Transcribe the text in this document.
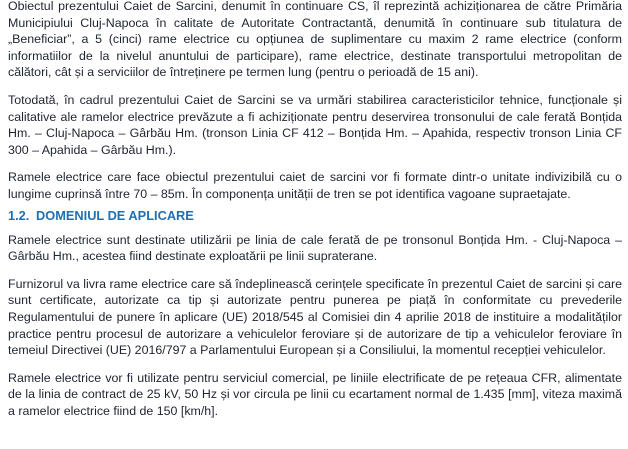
Obiectul prezentului Caiet de Sarcini, denumit în continuare CS, îl reprezintă achiziționarea de către Primăria Municipiului Cluj-Napoca în calitate de Autoritate Contractantă, denumită în continuare sub titulatura de „Beneficiar”, a 5 (cinci) rame electrice cu opțiunea de suplimentare cu maxim 2 rame electrice (conform informatiilor de la nivelul anuntului de participare), rame electrice, destinate transportului metropolitan de călători, cât și a serviciilor de întreținere pe termen lung (pentru o perioadă de 15 ani).

Totodată, în cadrul prezentului Caiet de Sarcini se va urmări stabilirea caracteristicilor tehnice, funcționale și calitative ale ramelor electrice prevăzute a fi achiziționate pentru deservirea tronsonului de cale ferată Bonțida Hm. – Cluj-Napoca – Gârbău Hm. (tronson Linia CF 412 – Bonțida Hm. – Apahida, respectiv tronson Linia CF 300 – Apahida – Gârbău Hm.).

Ramele electrice care face obiectul prezentului caiet de sarcini vor fi formate dintr-o unitate indivizibilă cu o lungime cuprinsă între 70 – 85m. În componența unității de tren se pot identifica vagoane supraetajate.

1.2. DOMENIUL DE APLICARE

Ramele electrice sunt destinate utilizării pe linia de cale ferată de pe tronsonul Bonțida Hm. - Cluj-Napoca – Gârbău Hm., acestea fiind destinate exploatării pe linii supraterane.

Furnizorul va livra rame electrice care să îndeplinească cerințele specificate în prezentul Caiet de sarcini și care sunt certificate, autorizate ca tip și autorizate pentru punerea pe piață în conformitate cu prevederile Regulamentului de punere în aplicare (UE) 2018/545 al Comisiei din 4 aprilie 2018 de instituire a modalităților practice pentru procesul de autorizare a vehiculelor feroviare și de autorizare de tip a vehiculelor feroviare în temeiul Directivei (UE) 2016/797 a Parlamentului European și a Consiliului, la momentul recepției vehiculelor.

Ramele electrice vor fi utilizate pentru serviciul comercial, pe liniile electrificate de pe rețeaua CFR, alimentate de la linia de contract de 25 kV, 50 Hz și vor circula pe linii cu ecartament normal de 1.435 [mm], viteza maximă a ramelor electrice fiind de 150 [km/h].
